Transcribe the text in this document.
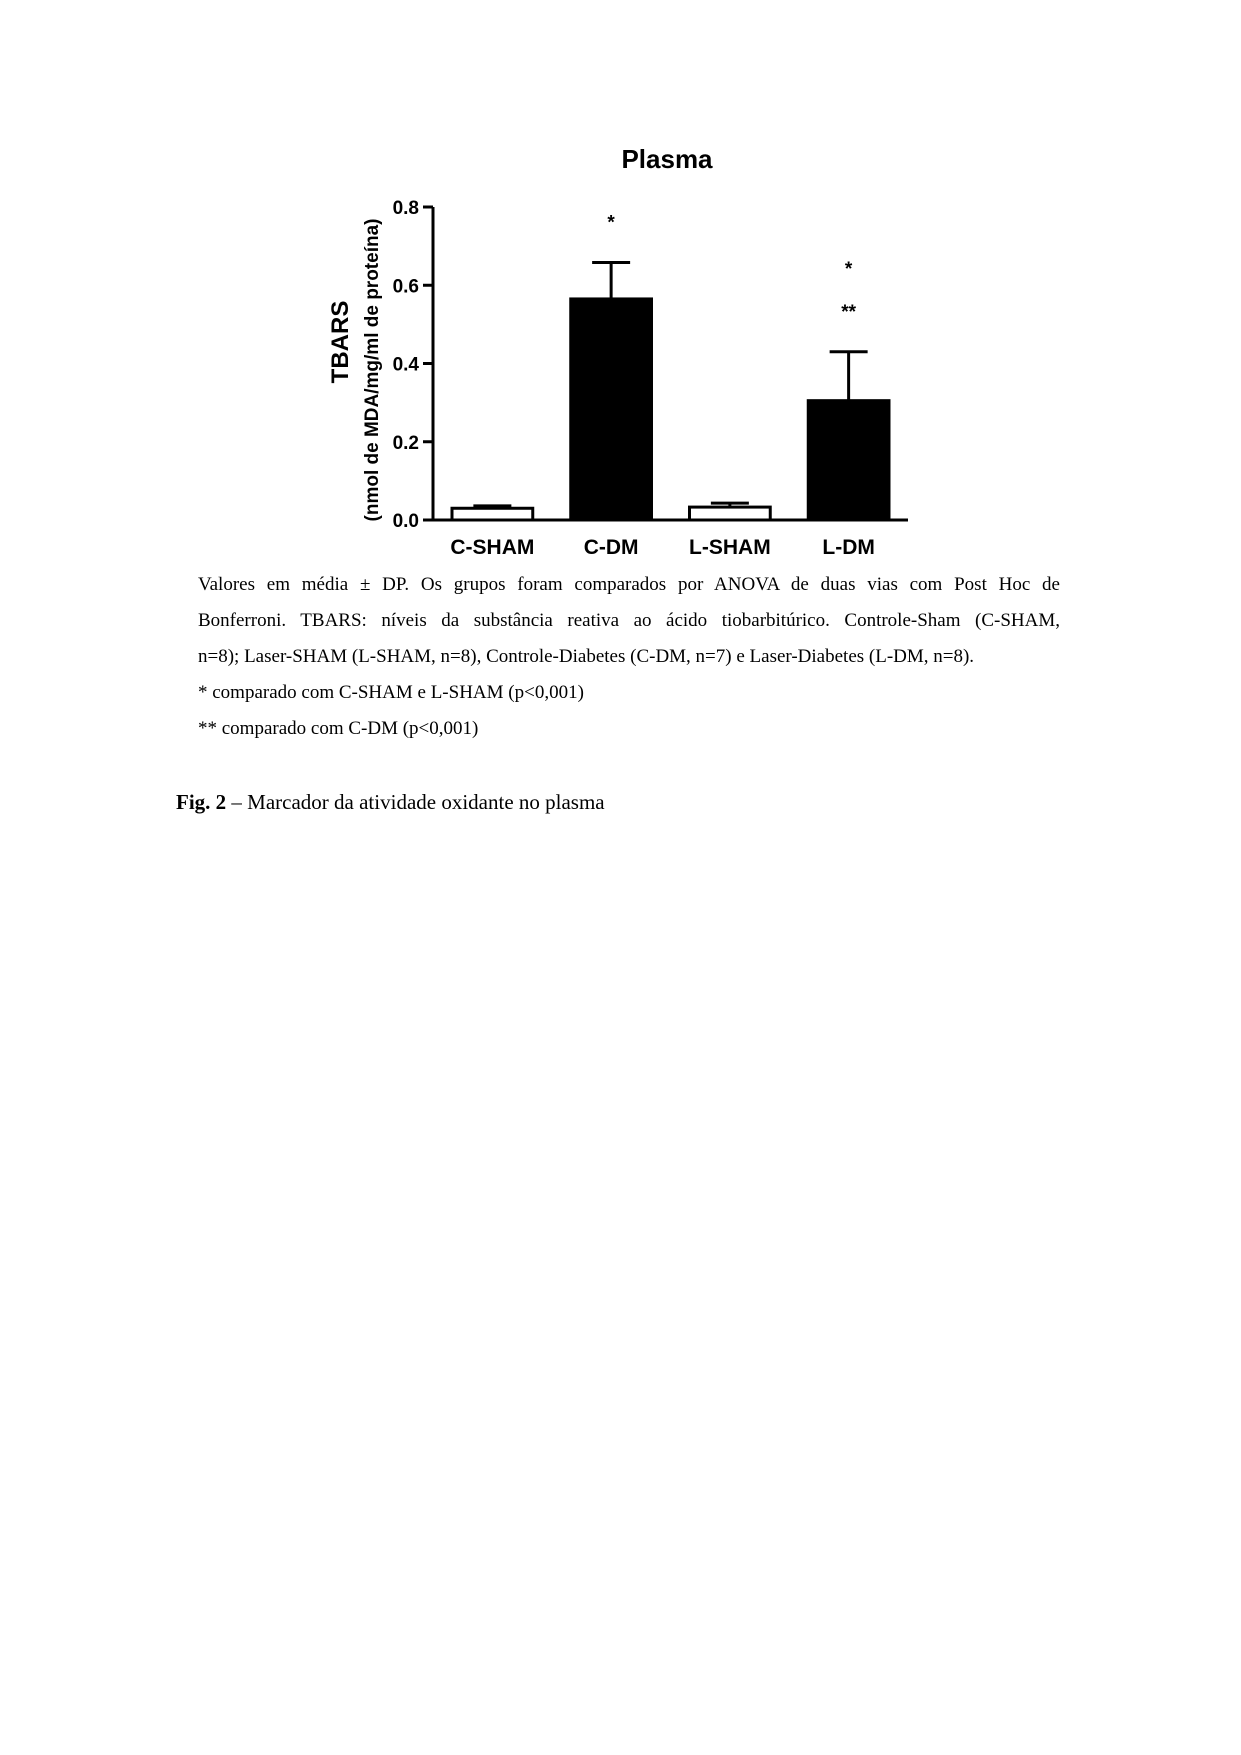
Plasma
TBARS (nmol de MDA/mg/ml de proteína)
0.0
0.2
0.4
0.6
0.8
C-SHAM C-DM
*
L-SHAM L-DM
*
**

Valores em média ± DP. Os grupos foram comparados por ANOVA de duas vias com Post Hoc de

Bonferroni. TBARS: níveis da substância reativa ao ácido tiobarbitúrico. Controle-Sham (C-SHAM,

n=8); Laser-SHAM (L-SHAM, n=8), Controle-Diabetes (C-DM, n=7) e Laser-Diabetes (L-DM, n=8).

* comparado com C-SHAM e L-SHAM (p<0,001)

** comparado com C-DM (p<0,001)

Fig. 2 – Marcador da atividade oxidante no plasma
